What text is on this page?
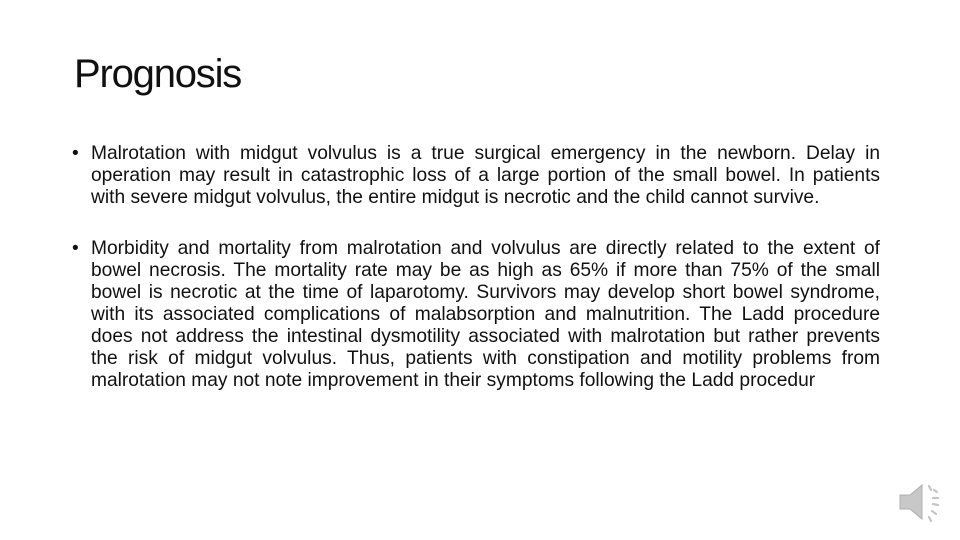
Prognosis
• Malrotation with midgut volvulus is a true surgical emergency in the newborn. Delay in operation may result in catastrophic loss of a large portion of the small bowel. In patients with severe midgut volvulus, the entire midgut is necrotic and the child cannot survive.
• Morbidity and mortality from malrotation and volvulus are directly related to the extent of bowel necrosis. The mortality rate may be as high as 65% if more than 75% of the small bowel is necrotic at the time of laparotomy. Survivors may develop short bowel syndrome, with its associated complications of malabsorption and malnutrition. The Ladd procedure does not address the intestinal dysmotility associated with malrotation but rather prevents the risk of midgut volvulus. Thus, patients with constipation and motility problems from malrotation may not note improvement in their symptoms following the Ladd procedur
